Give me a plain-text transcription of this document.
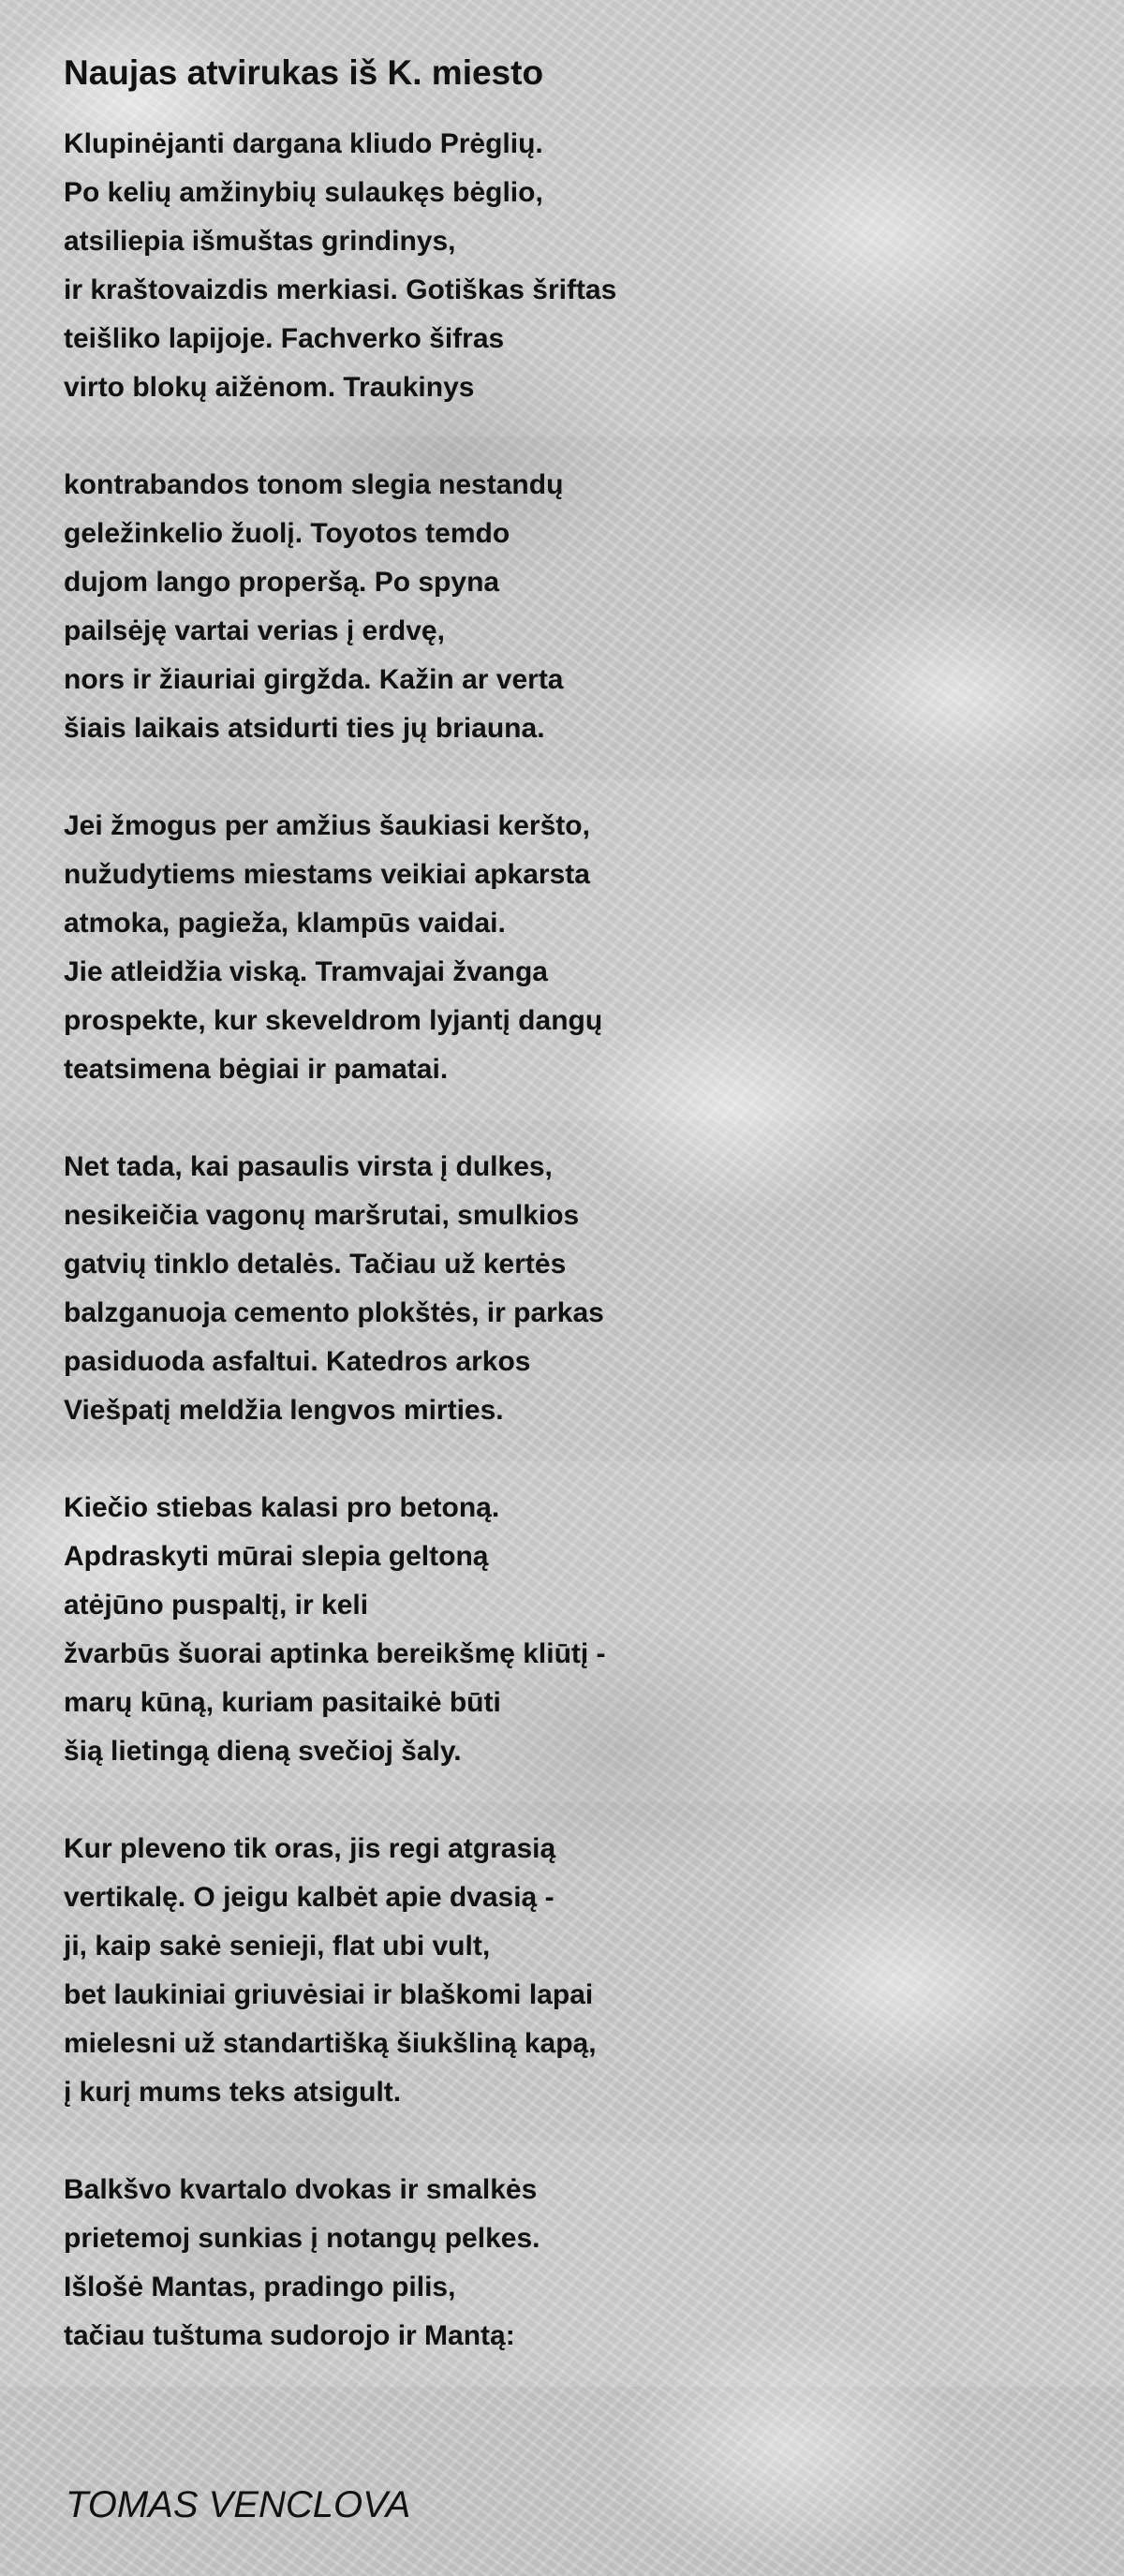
Naujas atvirukas iš K. miesto

Klupinėjanti dargana kliudo Prėglių.
Po kelių amžinybių sulaukęs bėglio,
atsiliepia išmuštas grindinys,
ir kraštovaizdis merkiasi. Gotiškas šriftas
teišliko lapijoje. Fachverko šifras
virto blokų aižėnom. Traukinys

kontrabandos tonom slegia nestandų
geležinkelio žuolį. Toyotos temdo
dujom lango properšą. Po spyna
pailsėję vartai verias į erdvę,
nors ir žiauriai girgžda. Kažin ar verta
šiais laikais atsidurti ties jų briauna.

Jei žmogus per amžius šaukiasi keršto,
nužudytiems miestams veikiai apkarsta
atmoka, pagieža, klampūs vaidai.
Jie atleidžia viską. Tramvajai žvanga
prospekte, kur skeveldrom lyjantį dangų
teatsimena bėgiai ir pamatai.

Net tada, kai pasaulis virsta į dulkes,
nesikeičia vagonų maršrutai, smulkios
gatvių tinklo detalės. Tačiau už kertės
balzganuoja cemento plokštės, ir parkas
pasiduoda asfaltui. Katedros arkos
Viešpatį meldžia lengvos mirties.

Kiečio stiebas kalasi pro betoną.
Apdraskyti mūrai slepia geltoną
atėjūno puspaltį, ir keli
žvarbūs šuorai aptinka bereikšmę kliūtį -
marų kūną, kuriam pasitaikė būti
šią lietingą dieną svečioj šaly.

Kur pleveno tik oras, jis regi atgrasią
vertikalę. O jeigu kalbėt apie dvasią -
ji, kaip sakė senieji, flat ubi vult,
bet laukiniai griuvėsiai ir blaškomi lapai
mielesni už standartišką šiukšliną kapą,
į kurį mums teks atsigult.

Balkšvo kvartalo dvokas ir smalkės
prietemoj sunkias į notangų pelkes.
Išlošė Mantas, pradingo pilis,
tačiau tuštuma sudorojo ir Mantą:

TOMAS VENCLOVA
